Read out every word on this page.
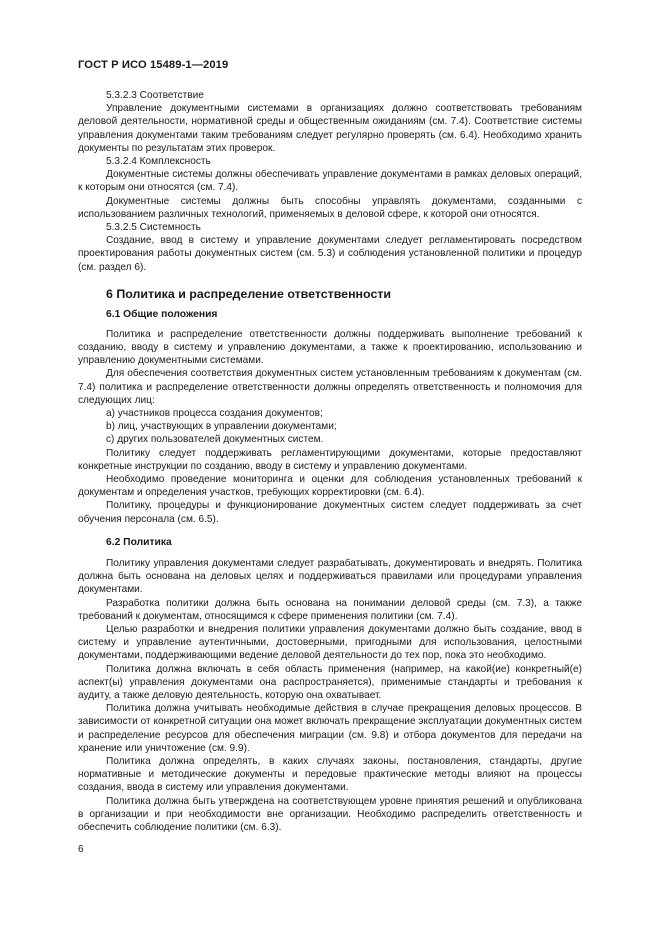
ГОСТ Р ИСО 15489-1—2019

5.3.2.3 Соответствие

Управление документными системами в организациях должно соответствовать требованиям деловой деятельности, нормативной среды и общественным ожиданиям (см. 7.4). Соответствие системы управления документами таким требованиям следует регулярно проверять (см. 6.4). Необходимо хранить документы по результатам этих проверок.

5.3.2.4 Комплексность

Документные системы должны обеспечивать управление документами в рамках деловых операций, к которым они относятся (см. 7.4).

Документные системы должны быть способны управлять документами, созданными с использованием различных технологий, применяемых в деловой сфере, к которой они относятся.

5.3.2.5 Системность

Создание, ввод в систему и управление документами следует регламентировать посредством проектирования работы документных систем (см. 5.3) и соблюдения установленной политики и процедур (см. раздел 6).

6 Политика и распределение ответственности
6.1 Общие положения

Политика и распределение ответственности должны поддерживать выполнение требований к созданию, вводу в систему и управлению документами, а также к проектированию, использованию и управлению документными системами.

Для обеспечения соответствия документных систем установленным требованиям к документам (см. 7.4) политика и распределение ответственности должны определять ответственность и полномочия для следующих лиц:

a) участников процесса создания документов;
b) лиц, участвующих в управлении документами;
c) других пользователей документных систем.

Политику следует поддерживать регламентирующими документами, которые предоставляют конкретные инструкции по созданию, вводу в систему и управлению документами.

Необходимо проведение мониторинга и оценки для соблюдения установленных требований к документам и определения участков, требующих корректировки (см. 6.4).

Политику, процедуры и функционирование документных систем следует поддерживать за счет обучения персонала (см. 6.5).

6.2 Политика

Политику управления документами следует разрабатывать, документировать и внедрять. Политика должна быть основана на деловых целях и поддерживаться правилами или процедурами управления документами.

Разработка политики должна быть основана на понимании деловой среды (см. 7.3), а также требований к документам, относящимся к сфере применения политики (см. 7.4).

Целью разработки и внедрения политики управления документами должно быть создание, ввод в систему и управление аутентичными, достоверными, пригодными для использования, целостными документами, поддерживающими ведение деловой деятельности до тех пор, пока это необходимо.

Политика должна включать в себя область применения (например, на какой(ие) конкретный(е) аспект(ы) управления документами она распространяется), применимые стандарты и требования к аудиту, а также деловую деятельность, которую она охватывает.

Политика должна учитывать необходимые действия в случае прекращения деловых процессов. В зависимости от конкретной ситуации она может включать прекращение эксплуатации документных систем и распределение ресурсов для обеспечения миграции (см. 9.8) и отбора документов для передачи на хранение или уничтожение (см. 9.9).

Политика должна определять, в каких случаях законы, постановления, стандарты, другие нормативные и методические документы и передовые практические методы влияют на процессы создания, ввода в систему или управления документами.

Политика должна быть утверждена на соответствующем уровне принятия решений и опубликована в организации и при необходимости вне организации. Необходимо распределить ответственность и обеспечить соблюдение политики (см. 6.3).

6
